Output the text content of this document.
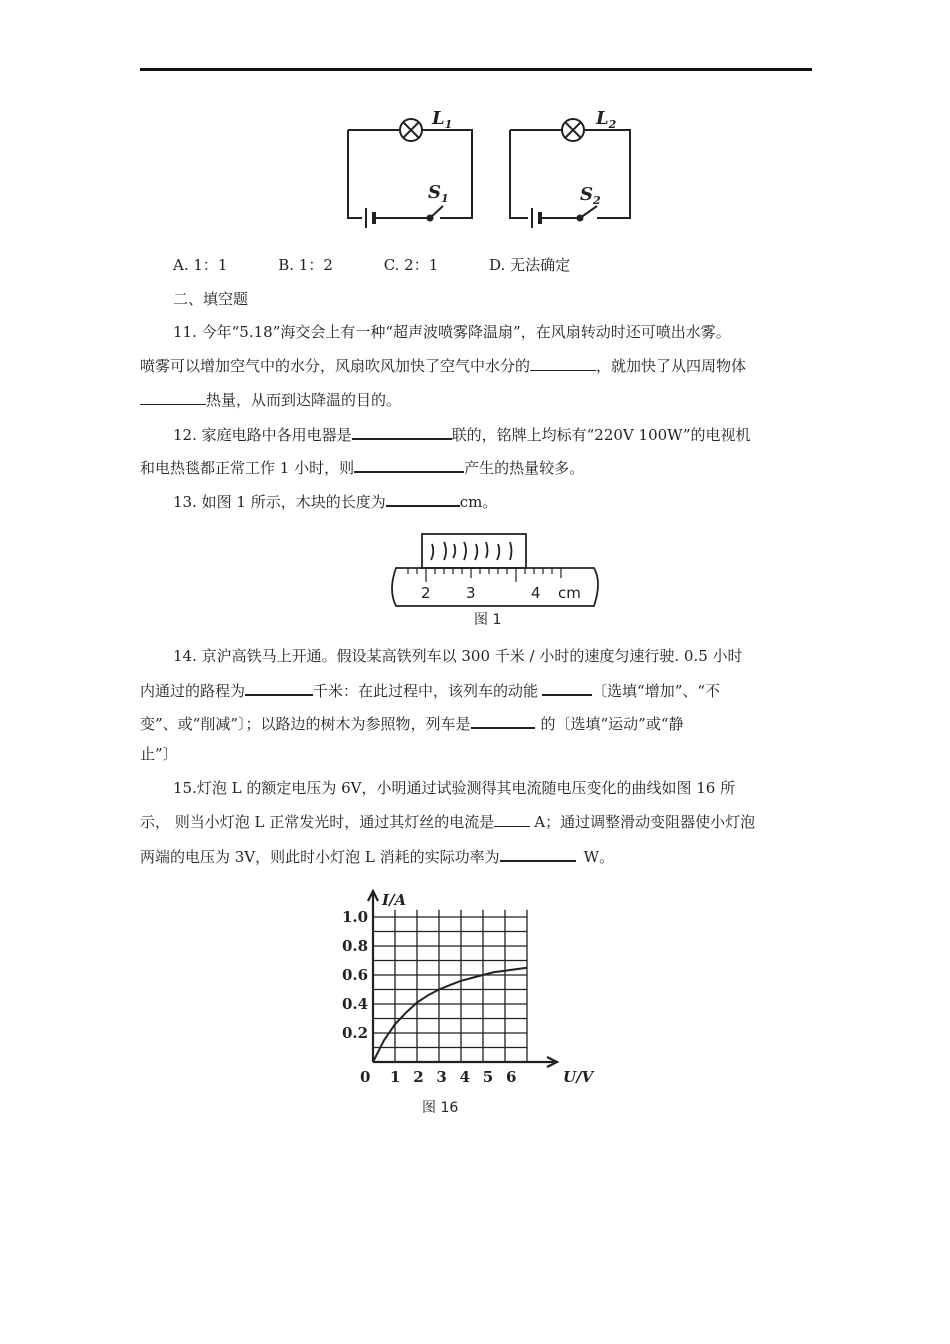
$L_1$
$S_1$
$L_2$
$S_2$
A. 1：1	B. 1：2	C. 2：1	D. 无法确定
二、填空题
11. 今年“5.18”海交会上有一种“超声波喷雾降温扇”，在风扇转动时还可喷出水雾。
喷雾可以增加空气中的水分，风扇吹风加快了空气中水分的	，就加快了从四周物体
热量，从而到达降温的目的。
12. 家庭电路中各用电器是	联的，铭牌上均标有“220V 100W”的电视机
和电热毯都正常工作 1 小时，则	产生的热量较多。
13. 如图 1 所示，木块的长度为	cm。
2 3	4 cm
图 1
14. 京沪高铁马上开通。假设某高铁列车以 300 千米 / 小时的速度匀速行驶. 0.5 小时
内通过的路程为	千米：在此过程中，该列车的动能	〔选填“增加”、“不
变”、或“削减”〕；以路边的树木为参照物，列车是	的〔选填“运动”或“静
止”〕
15.灯泡 L 的额定电压为 6V，小明通过试验测得其电流随电压变化的曲线如图 16 所
示， 则当小灯泡 L 正常发光时，通过其灯丝的电流是	A；通过调整滑动变阻器使小灯泡
两端的电压为 3V，则此时小灯泡 L 消耗的实际功率为	W。
0.2
0.4
0.6
0.8
1.0
1 2 3 4 5 6
0
I/A
U/V
图 16
